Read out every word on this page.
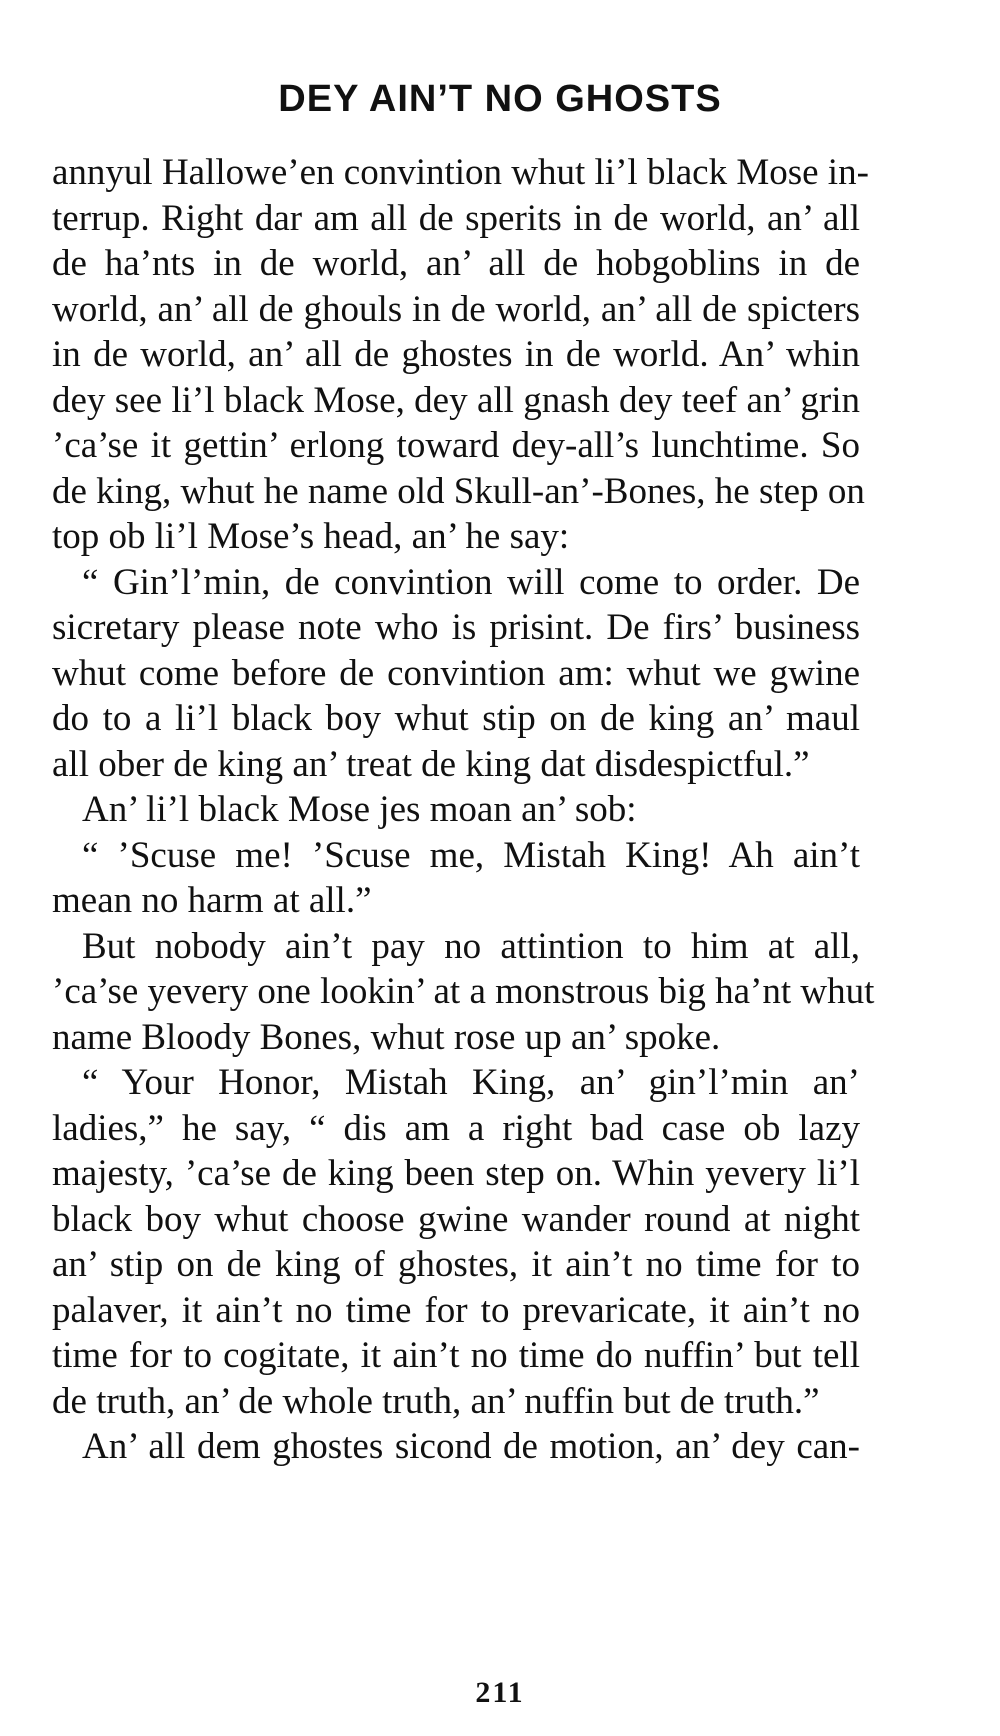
DEY AIN’T NO GHOSTS
annyul Hallowe’en convintion whut li’l black Mose in-
terrup. Right dar am all de sperits in de world, an’ all
de ha’nts in de world, an’ all de hobgoblins in de
world, an’ all de ghouls in de world, an’ all de spicters
in de world, an’ all de ghostes in de world. An’ whin
dey see li’l black Mose, dey all gnash dey teef an’ grin
’ca’se it gettin’ erlong toward dey-all’s lunchtime. So
de king, whut he name old Skull-an’-Bones, he step on
top ob li’l Mose’s head, an’ he say:
“ Gin’l’min, de convintion will come to order. De
sicretary please note who is prisint. De firs’ business
whut come before de convintion am: whut we gwine
do to a li’l black boy whut stip on de king an’ maul
all ober de king an’ treat de king dat disdespictful.”
An’ li’l black Mose jes moan an’ sob:
“ ’Scuse me! ’Scuse me, Mistah King! Ah ain’t
mean no harm at all.”
But nobody ain’t pay no attintion to him at all,
’ca’se yevery one lookin’ at a monstrous big ha’nt whut
name Bloody Bones, whut rose up an’ spoke.
“ Your Honor, Mistah King, an’ gin’l’min an’
ladies,” he say, “ dis am a right bad case ob lazy
majesty, ’ca’se de king been step on. Whin yevery li’l
black boy whut choose gwine wander round at night
an’ stip on de king of ghostes, it ain’t no time for to
palaver, it ain’t no time for to prevaricate, it ain’t no
time for to cogitate, it ain’t no time do nuffin’ but tell
de truth, an’ de whole truth, an’ nuffin but de truth.”
An’ all dem ghostes sicond de motion, an’ dey can-
211
